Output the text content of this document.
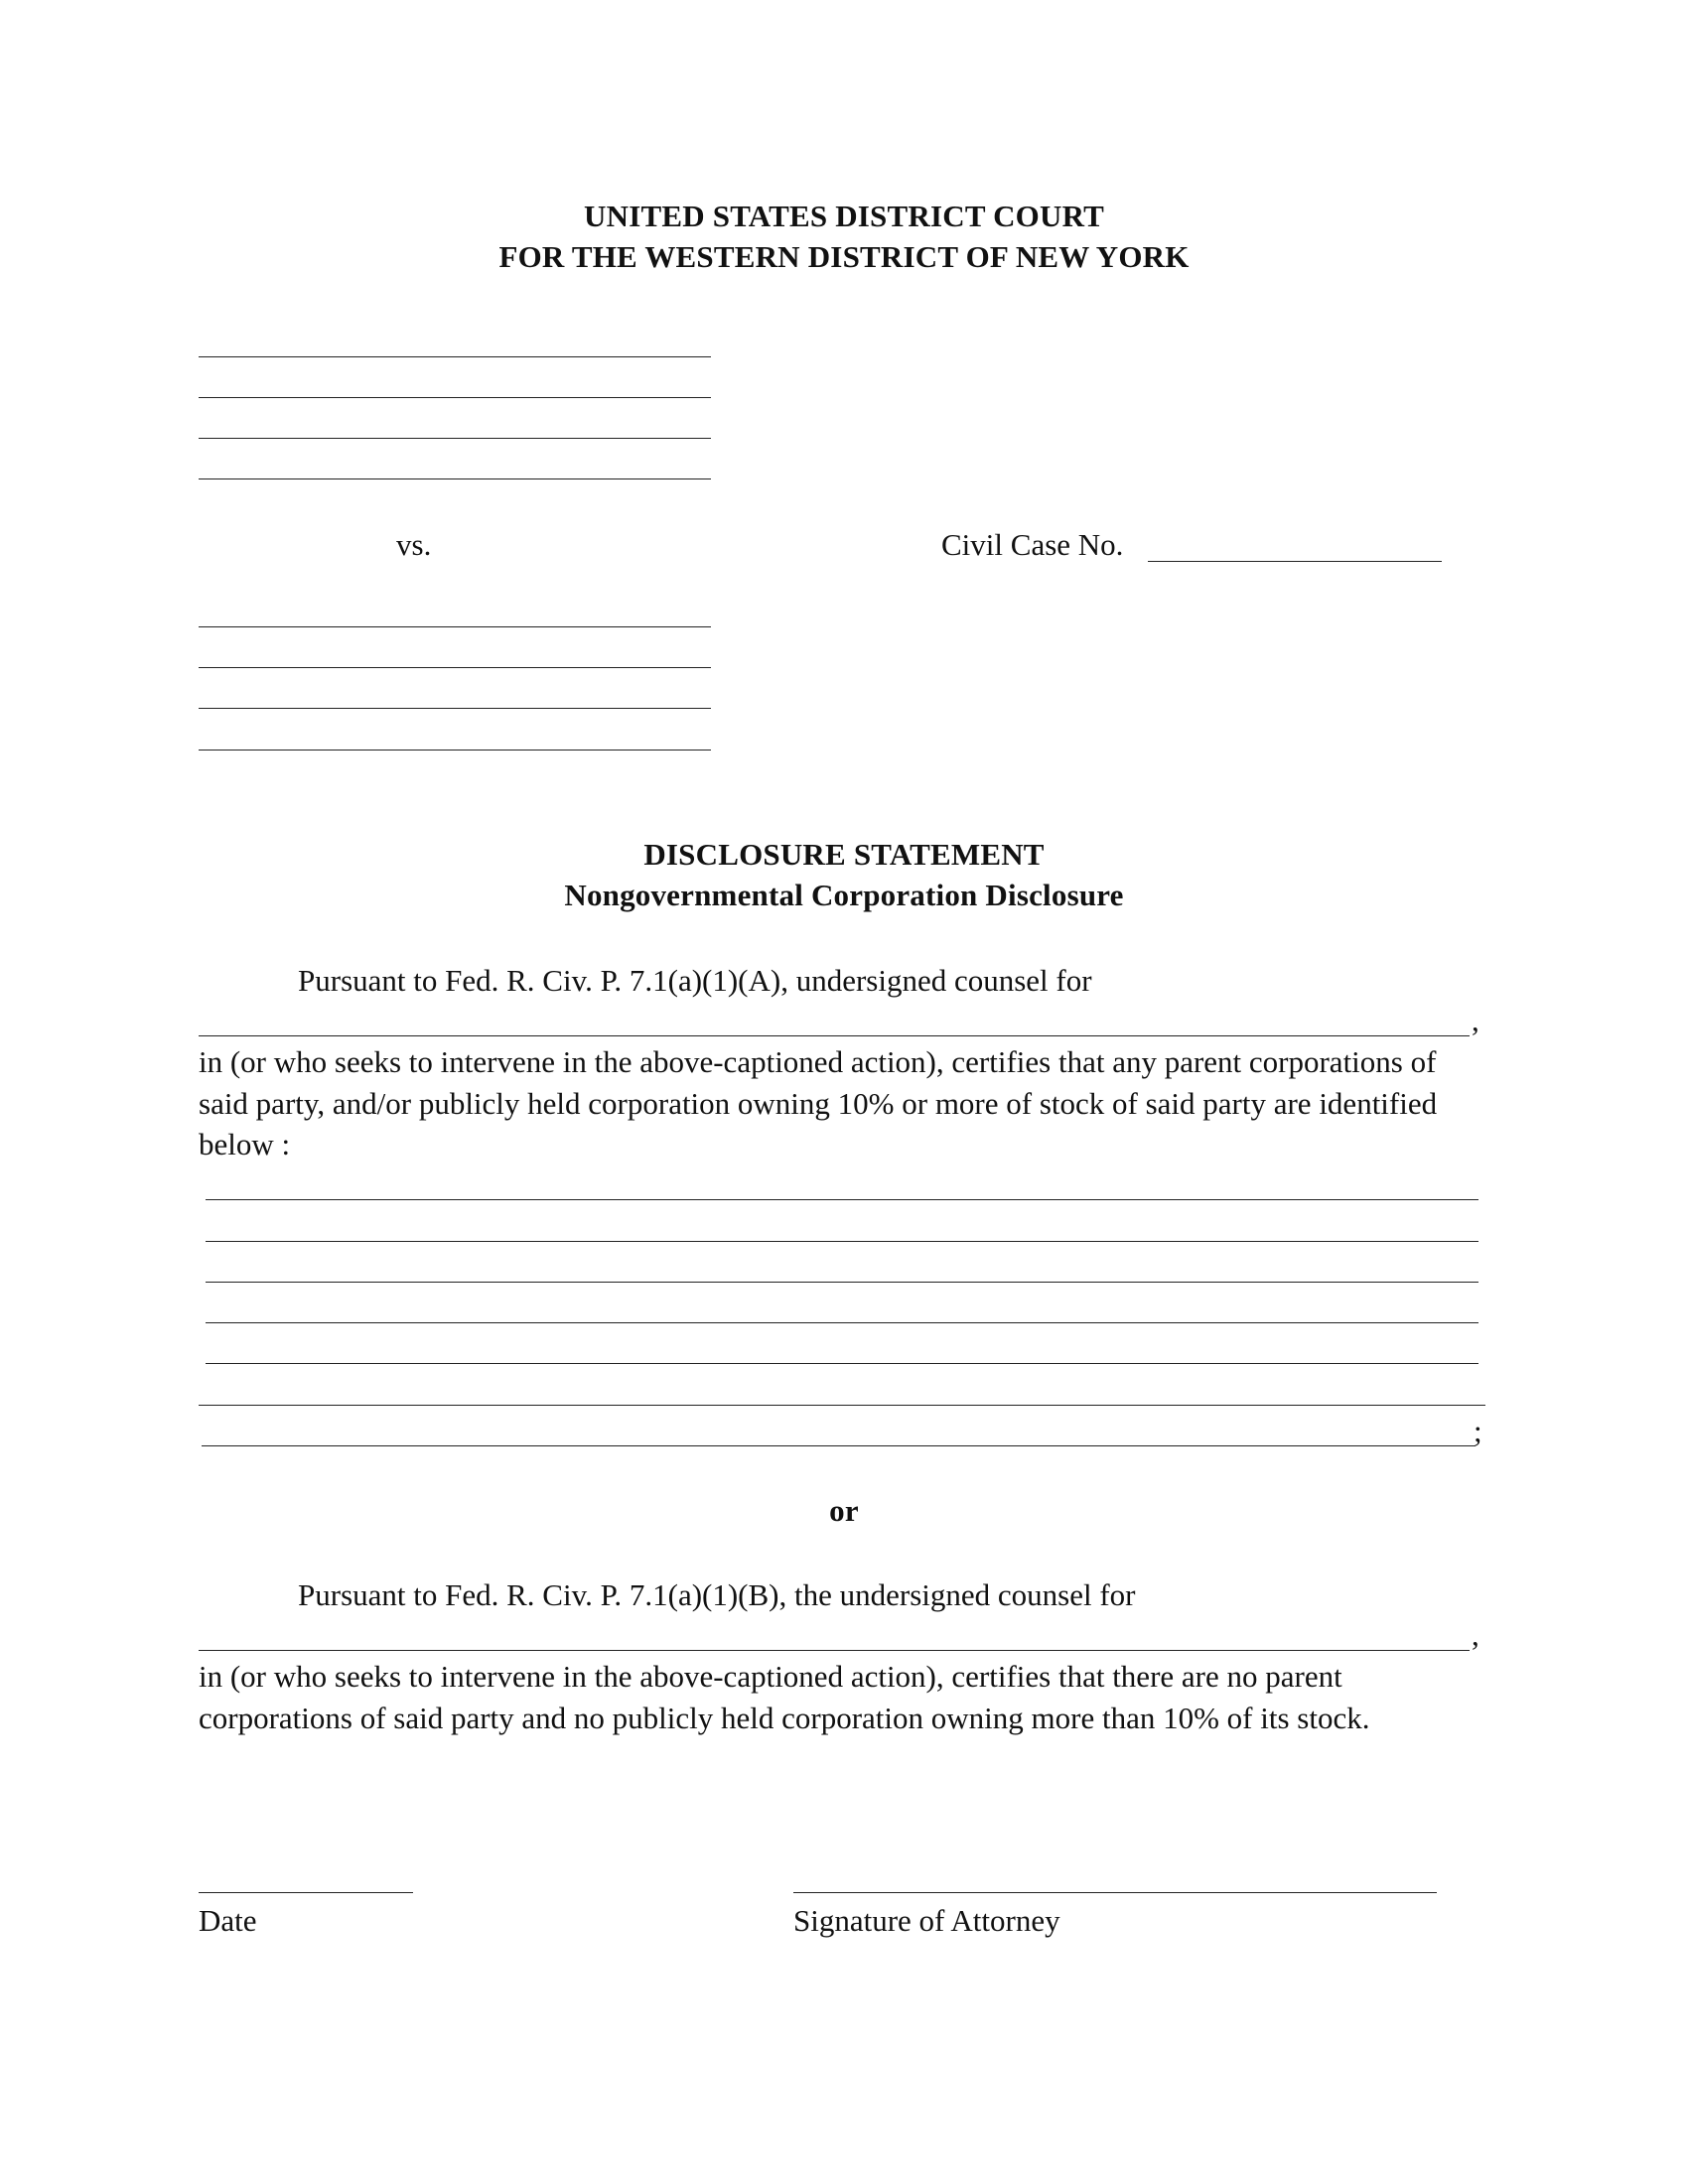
UNITED STATES DISTRICT COURT
FOR THE WESTERN DISTRICT OF NEW YORK
vs.	Civil Case No.
DISCLOSURE STATEMENT
Nongovernmental Corporation Disclosure
Pursuant to Fed. R. Civ. P. 7.1(a)(1)(A), undersigned counsel for
,
in (or who seeks to intervene in the above-captioned action), certifies that any parent corporations of said party, and/or publicly held corporation owning 10% or more of stock of said party are identified below :
;
or
Pursuant to Fed. R. Civ. P. 7.1(a)(1)(B), the undersigned counsel for
,
in (or who seeks to intervene in the above-captioned action), certifies that there are no parent corporations of said party and no publicly held corporation owning more than 10% of its stock.
Date	Signature of Attorney
